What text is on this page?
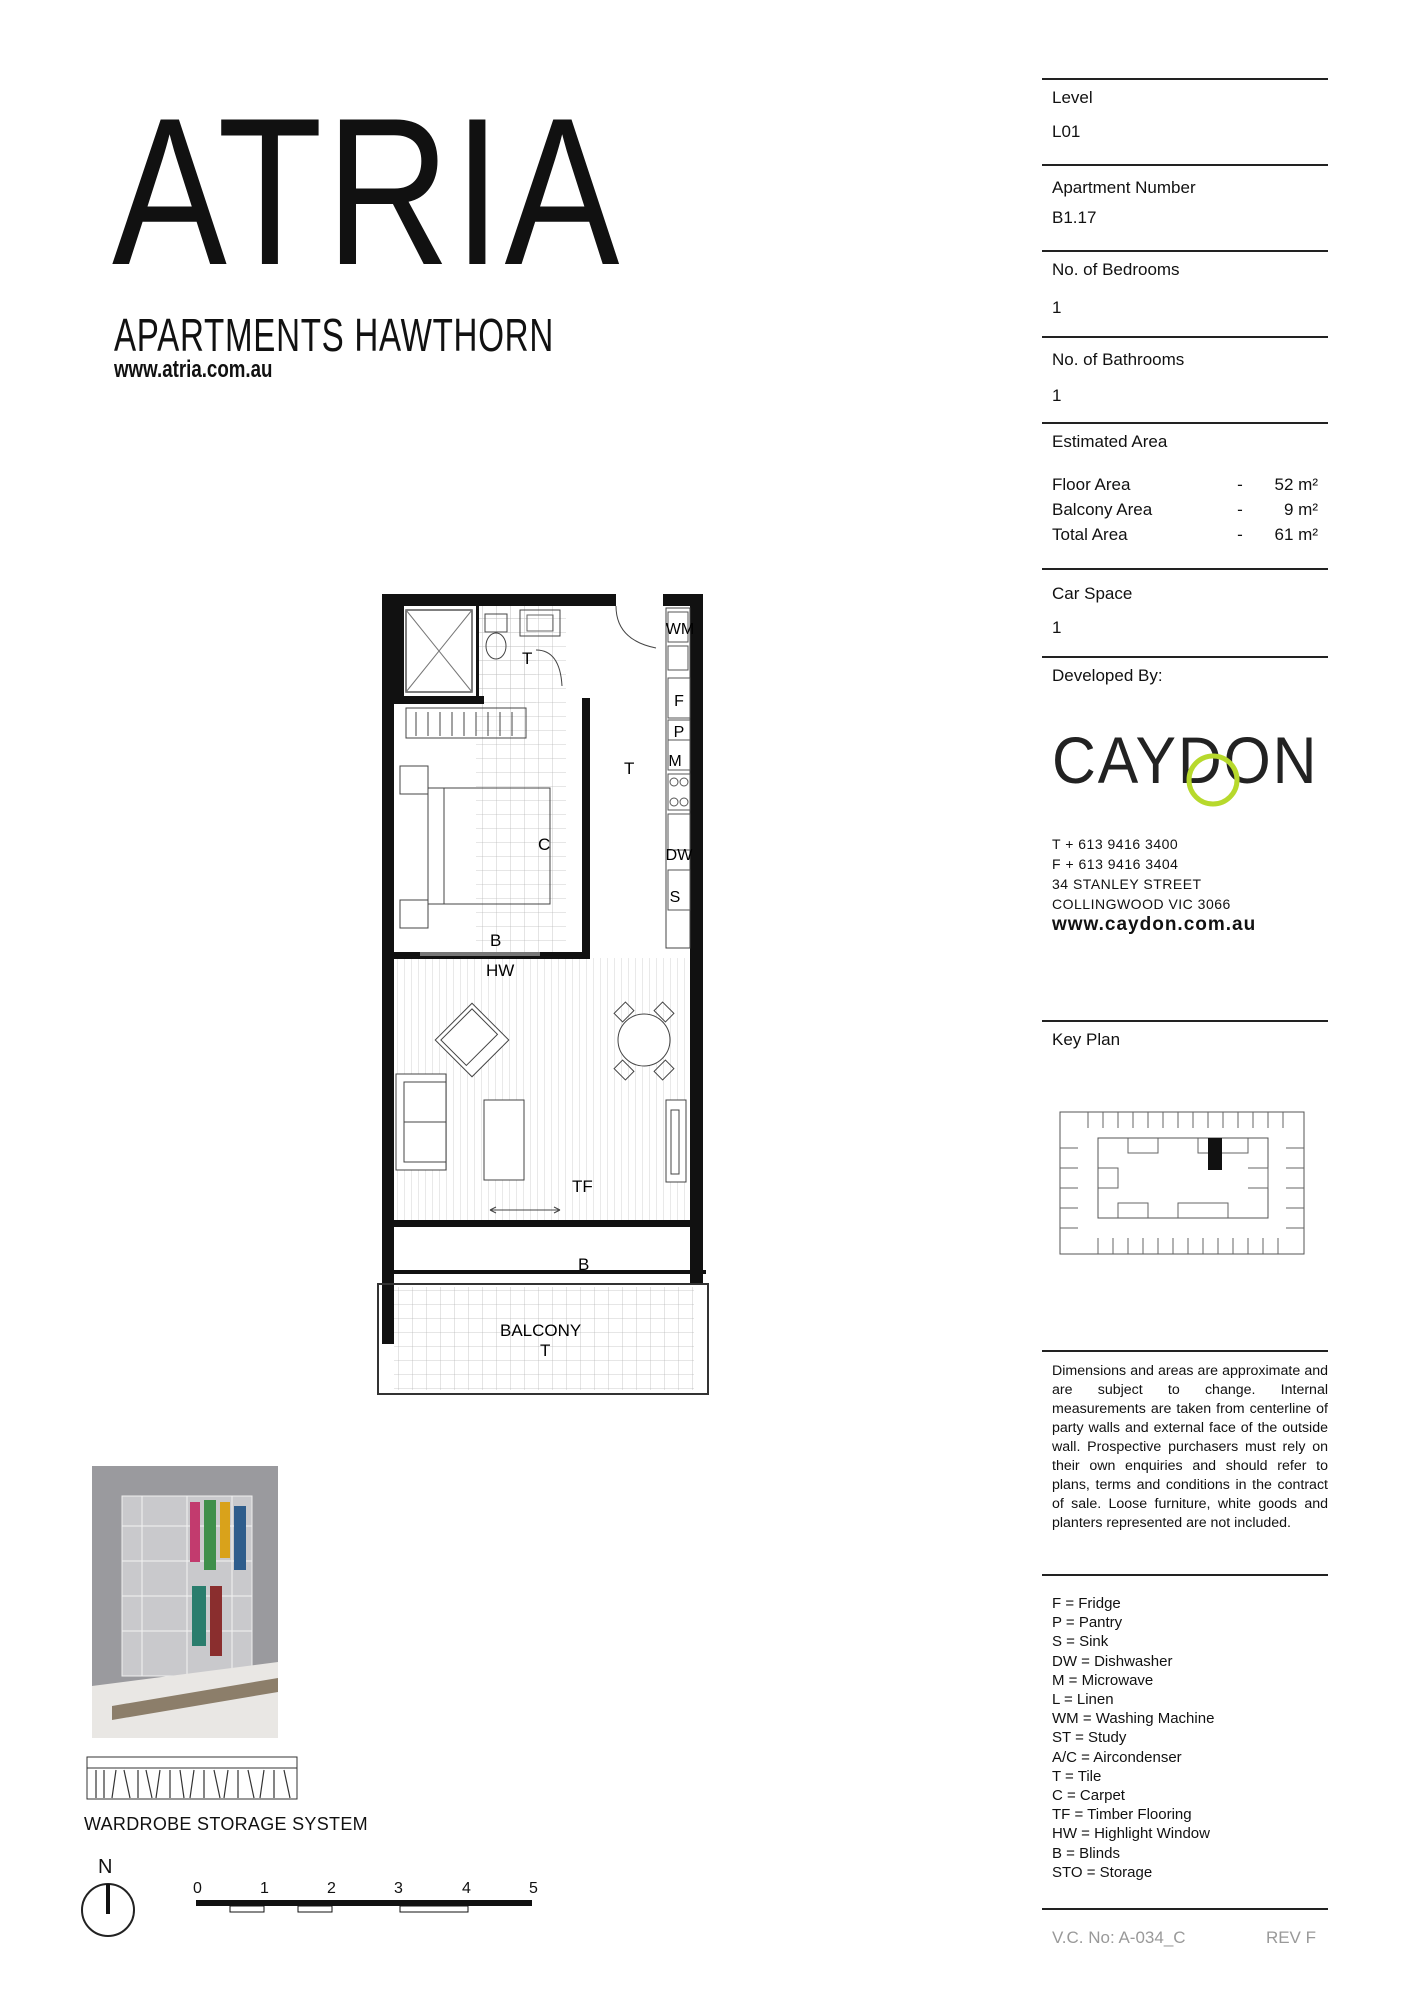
ATRIA
APARTMENTS HAWTHORN
www.atria.com.au
T
T
C
B
HW
TF
B
BALCONY
T
WM
F
P
M
DW
S
WARDROBE STORAGE SYSTEM
N
0	1	2	3	4	5
Level
L01
Apartment Number
B1.17
No. of Bedrooms
1
No. of Bathrooms
1
Estimated Area
Floor Area	-	52 m²
Balcony Area	-	9 m²
Total Area	-	61 m²
Car Space
1
Developed By:
CAYDON
T + 613 9416 3400
F + 613 9416 3404
34 STANLEY STREET
COLLINGWOOD VIC 3066
www.caydon.com.au
Key Plan
Dimensions and areas are approximate and are subject to change. Internal measurements are taken from centerline of party walls and external face of the outside wall. Prospective purchasers must rely on their own enquiries and should refer to plans, terms and conditions in the contract of sale. Loose furniture, white goods and planters represented are not included.
F = Fridge
P = Pantry
S = Sink
DW = Dishwasher
M = Microwave
L = Linen
WM = Washing Machine
ST = Study
A/C = Aircondenser
T = Tile
C = Carpet
TF = Timber Flooring
HW = Highlight Window
B = Blinds
STO = Storage
V.C. No: A-034_C	REV F
